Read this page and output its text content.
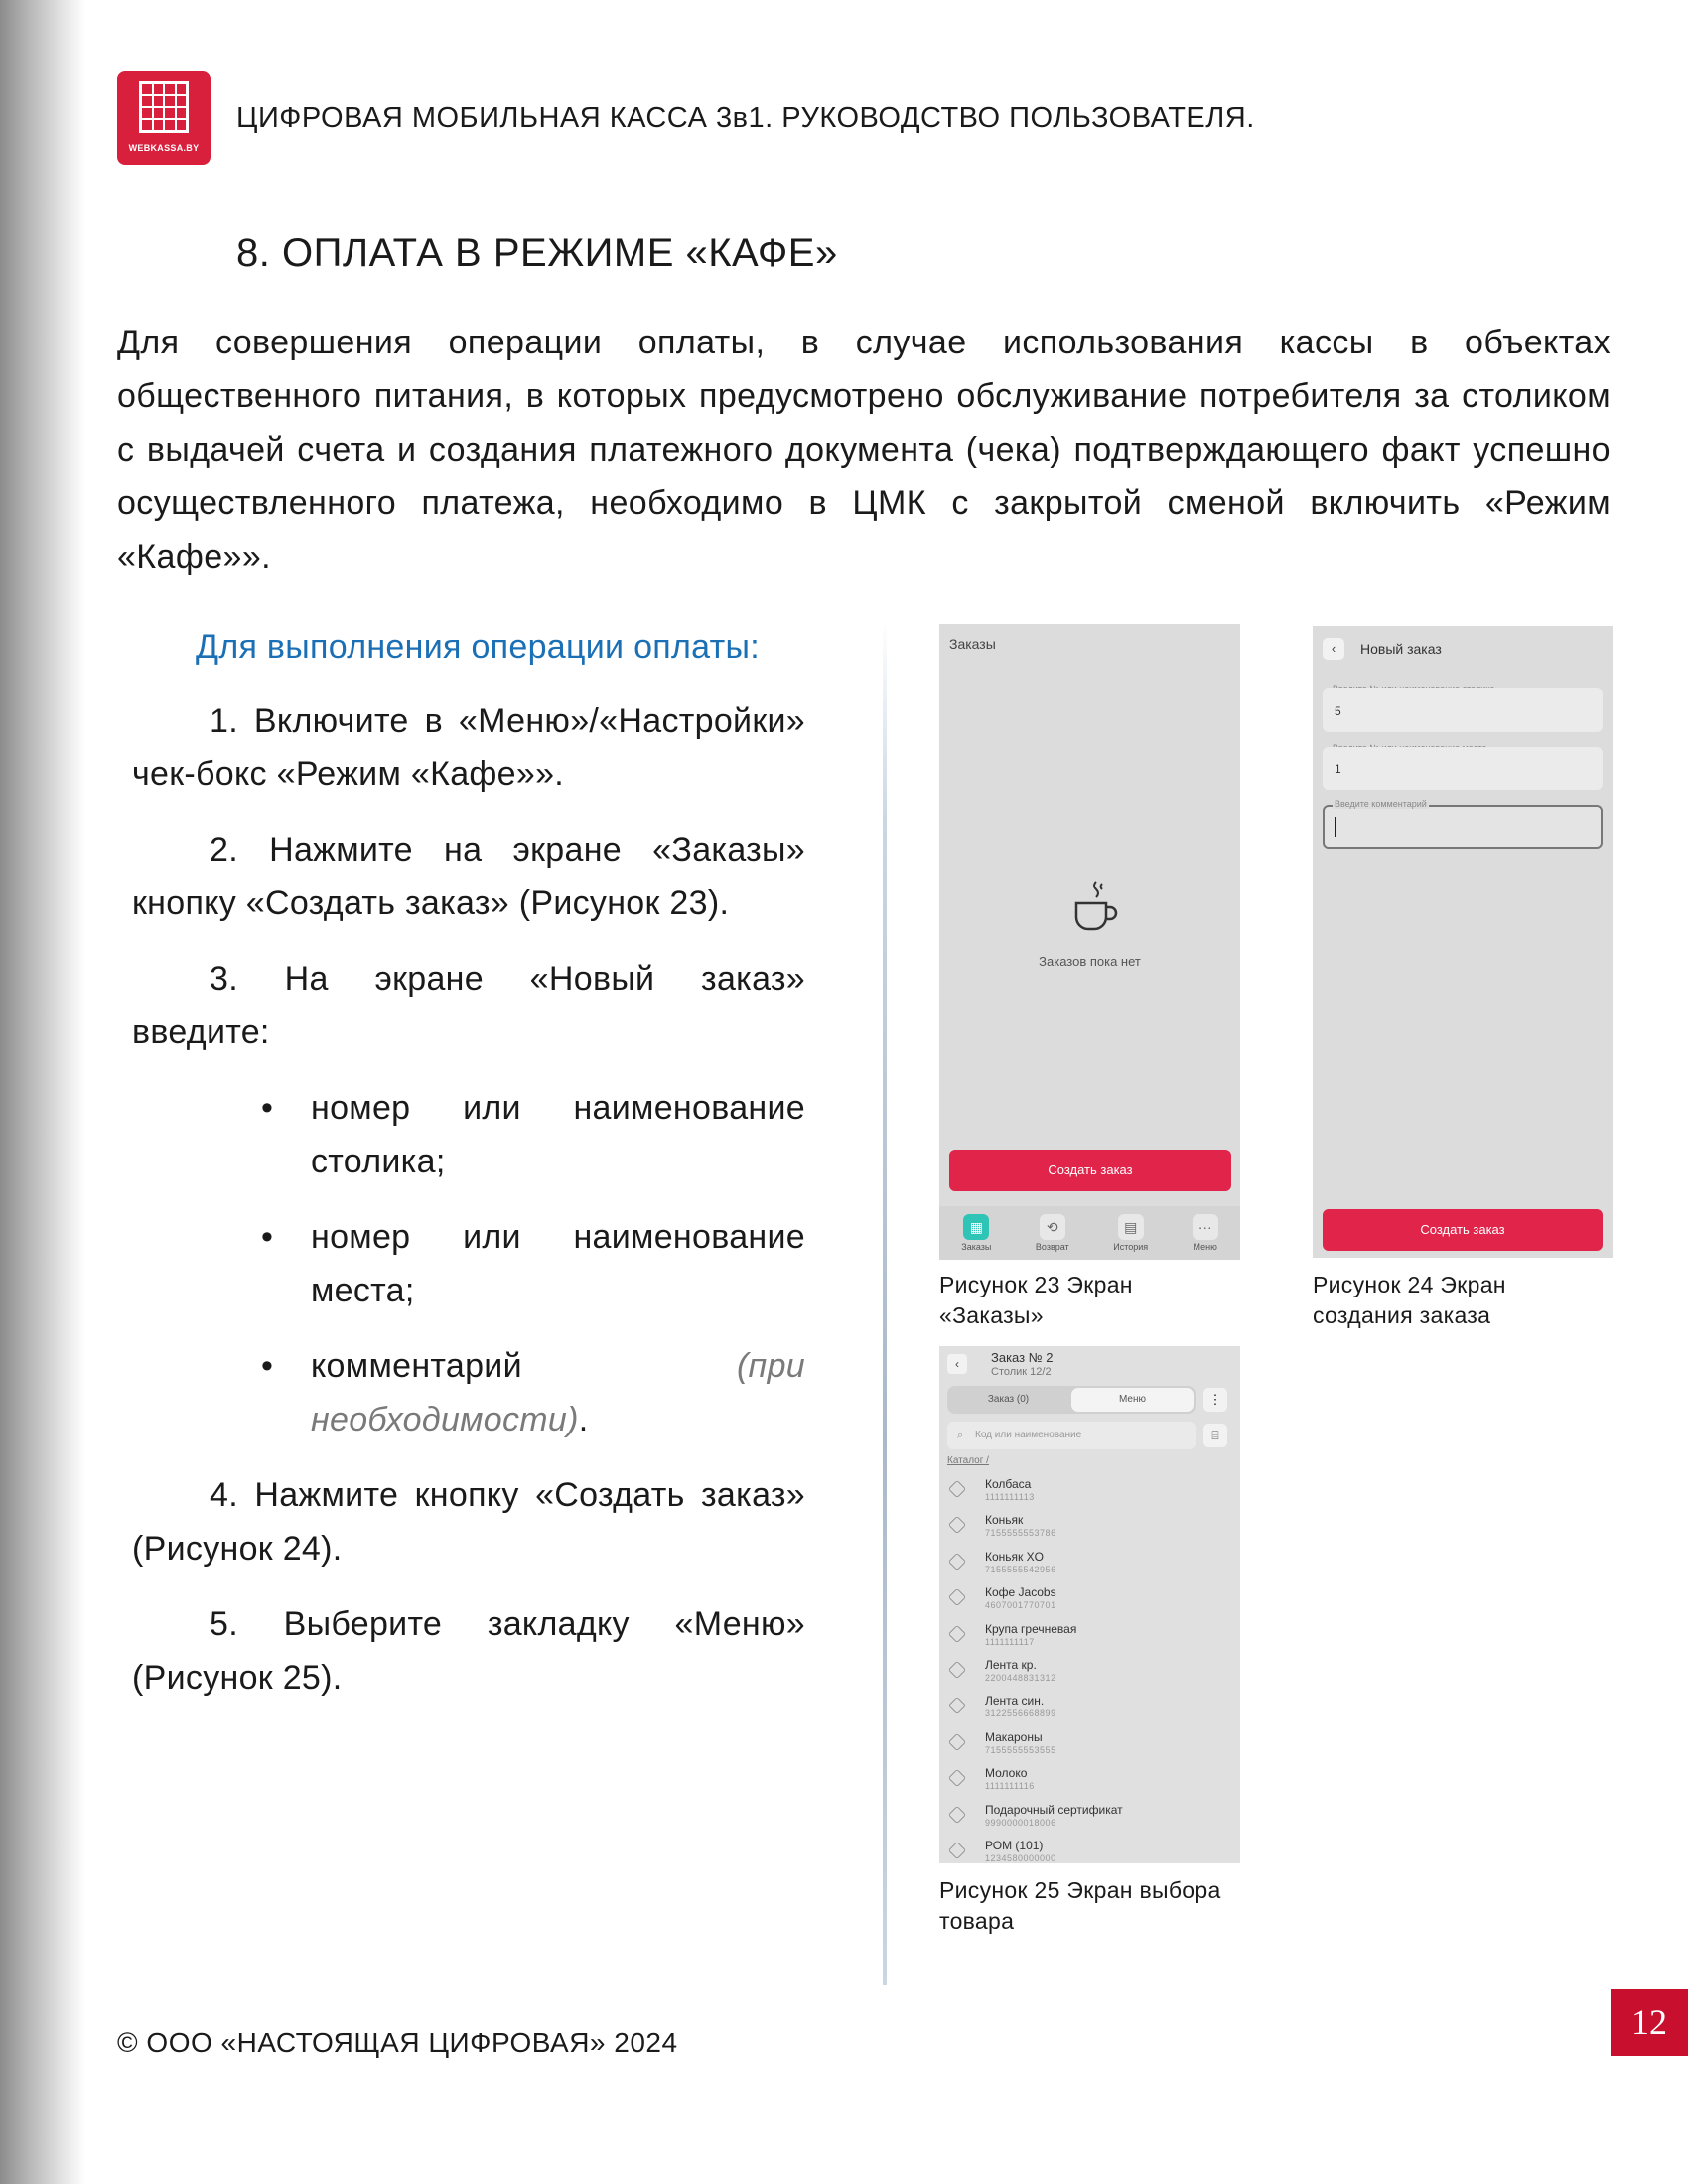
WEBKASSA.BY
ЦИФРОВАЯ МОБИЛЬНАЯ КАССА 3в1. РУКОВОДСТВО ПОЛЬЗОВАТЕЛЯ.
8. ОПЛАТА В РЕЖИМЕ «КАФЕ»

Для совершения операции оплаты, в случае использования кассы в объектах общественного питания, в которых предусмотрено обслуживание потребителя за столиком с выдачей счета и создания платежного документа (чека) подтверждающего факт успешно осуществленного платежа, необходимо в ЦМК с закрытой сменой включить «Режим «Кафе»».

Для выполнения операции оплаты:

1. Включите в «Меню»/«Настройки» чек-бокс «Режим «Кафе»».

2. Нажмите на экране «Заказы» кнопку «Создать заказ» (Рисунок 23).

3. На экране «Новый заказ» введите:

• номер или наименование столика;
• номер или наименование места;
• комментарий (при необходимости).

4. Нажмите кнопку «Создать заказ» (Рисунок 24).

5. Выберите закладку «Меню» (Рисунок 25).

Заказы
Заказов пока нет
Создать заказ
▦
Заказы
⟲
Возврат
▤
История
···
Меню
‹	Новый заказ
5
1
Введите комментарий
Создать заказ
‹	Заказ № 2
Столик 12/2
Заказ (0)	Меню	⋮
⌕ Код или наименование	⌸
Каталог /
Колбаса
1111111113
Коньяк
7155555553786
Коньяк XO
7155555542956
Кофе Jacobs
4607001770701
Крупа гречневая
1111111117
Лента кр.
2200448831312
Лента син.
3122556668899
Макароны
7155555553555
Молоко
1111111116
Подарочный сертификат
9990000018006
РОМ (101)
1234580000000
Рисунок 23 Экран «Заказы»
Рисунок 24 Экран создания заказа
Рисунок 25 Экран выбора товара
© ООО «НАСТОЯЩАЯ ЦИФРОВАЯ» 2024
12
